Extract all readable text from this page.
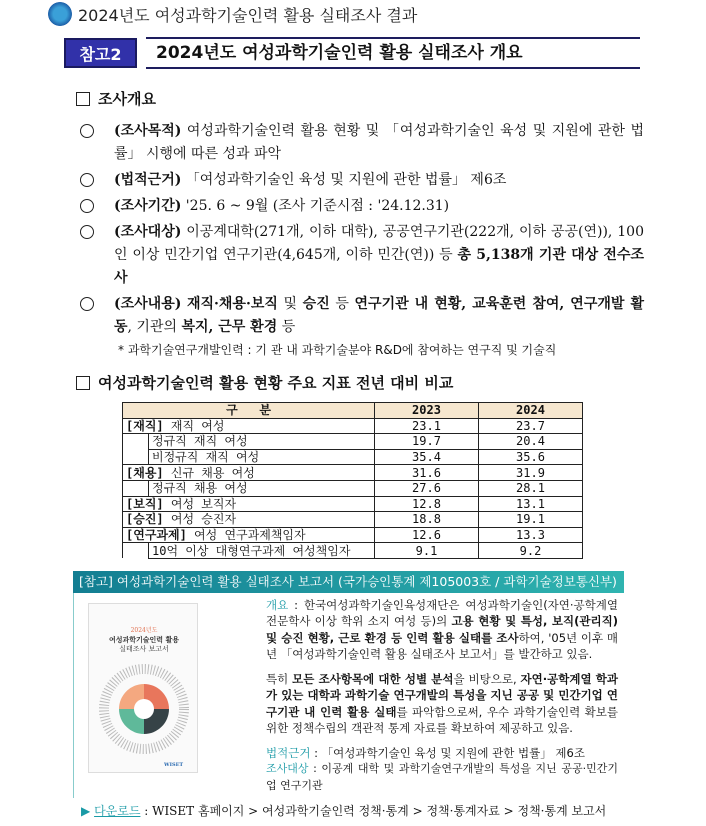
2024년도 여성과학기술인력 활용 실태조사 결과
참고2	2024년도 여성과학기술인력 활용 실태조사 개요
조사개요
(조사목적) 여성과학기술인력 활용 현황 및 「여성과학기술인 육성 및 지원에 관한 법률」 시행에 따른 성과 파악
(법적근거) 「여성과학기술인 육성 및 지원에 관한 법률」 제6조
(조사기간) '25. 6 ~ 9월 (조사 기준시점 : '24.12.31)
(조사대상) 이공계대학(271개, 이하 대학), 공공연구기관(222개, 이하 공공(연)), 100인 이상 민간기업 연구기관(4,645개, 이하 민간(연)) 등 총 5,138개 기관 대상 전수조사
(조사내용) 재직·채용·보직 및 승진 등 연구기관 내 현황, 교육훈련 참여, 연구개발 활동, 기관의 복지, 근무 환경 등
* 과학기술연구개발인력 : 기 관 내 과학기술분야 R&D에 참여하는 연구직 및 기술직
여성과학기술인력 활용 현황 주요 지표 전년 대비 비교
구   분		2023	2024
[재직] 재직 여성		23.1	23.7
	정규직 재직 여성	19.7	20.4
	비정규직 재직 여성	35.4	35.6
[채용] 신규 채용 여성		31.6	31.9
	정규직 채용 여성	27.6	28.1
[보직] 여성 보직자		12.8	13.1
[승진] 여성 승진자		18.8	19.1
[연구과제] 여성 연구과제책임자		12.6	13.3
	10억 이상 대형연구과제 여성책임자	9.1	9.2
[참고] 여성과학기술인력 활용 실태조사 보고서 (국가승인통계 제105003호 / 과학기술정보통신부)
2024년도
여성과학기술인력 활용
실태조사 보고서
WISET
개요 : 한국여성과학기술인육성재단은 여성과학기술인(자연·공학계열 전문학사 이상 학위 소지 여성 등)의 고용 현황 및 특성, 보직(관리직) 및 승진 현황, 근로 환경 등 인력 활용 실태를 조사하여, '05년 이후 매년 「여성과학기술인력 활용 실태조사 보고서」를 발간하고 있음.
특히 모든 조사항목에 대한 성별 분석을 비탕으로, 자연·공학계열 학과가 있는 대학과 과학기술 연구개발의 특성을 지닌 공공 및 민간기업 연구기관 내 인력 활용 실태를 파악함으로써, 우수 과학기술인력 확보를 위한 정책수립의 객관적 통계 자료를 확보하여 제공하고 있음.
법적근거 : 「여성과학기술인 육성 및 지원에 관한 법률」 제6조
조사대상 : 이공계 대학 및 과학기술연구개발의 특성을 지닌 공공·민간기업 연구기관
▶ 다운로드 : WISET 홈페이지 > 여성과학기술인력 정책·통계 > 정책·통계자료 > 정책·통계 보고서
